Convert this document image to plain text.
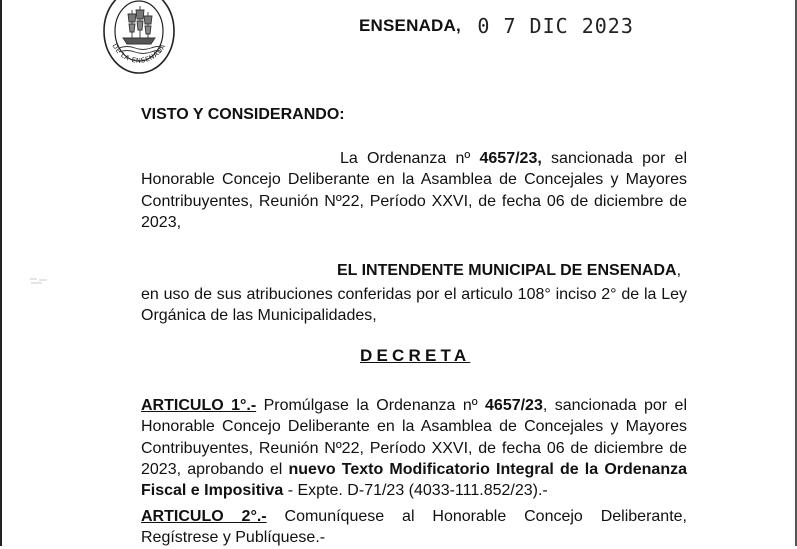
DE LA ENSENADA
ENSENADA, 0 7 DIC 2023
VISTO Y CONSIDERANDO:
La Ordenanza nº 4657/23, sancionada por el Honorable Concejo Deliberante en la Asamblea de Concejales y Mayores Contribuyentes, Reunión Nº22, Período XXVI, de fecha 06 de diciembre de 2023,
EL INTENDENTE MUNICIPAL DE ENSENADA,
en uso de sus atribuciones conferidas por el articulo 108° inciso 2° de la Ley Orgánica de las Municipalidades,
DECRETA
ARTICULO 1°.- Promúlgase la Ordenanza nº 4657/23, sancionada por el Honorable Concejo Deliberante en la Asamblea de Concejales y Mayores Contribuyentes, Reunión Nº22, Período XXVI, de fecha 06 de diciembre de 2023, aprobando el nuevo Texto Modificatorio Integral de la Ordenanza Fiscal e Impositiva - Expte. D-71/23 (4033-111.852/23).-
ARTICULO 2°.- Comuníquese al Honorable Concejo Deliberante, Regístrese y Publíquese.-
